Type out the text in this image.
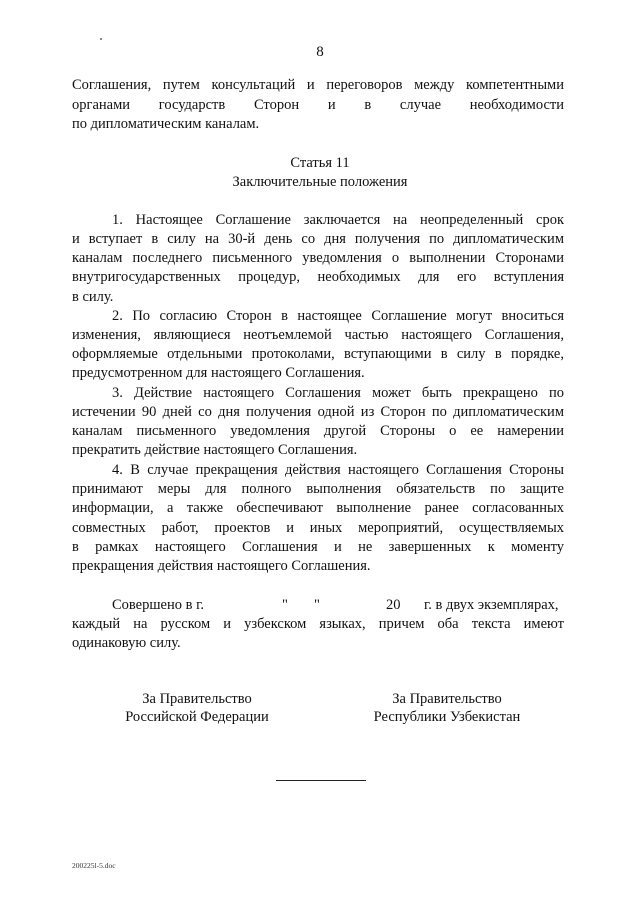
8
Соглашения, путем консультаций и переговоров между компетентными
органами государств Сторон и в случае необходимости
по дипломатическим каналам.
Статья 11
Заключительные положения
1. Настоящее Соглашение заключается на неопределенный срок
и вступает в силу на 30-й день со дня получения по дипломатическим
каналам последнего письменного уведомления о выполнении Сторонами
внутригосударственных процедур, необходимых для его вступления
в силу.
2. По согласию Сторон в настоящее Соглашение могут вноситься
изменения, являющиеся неотъемлемой частью настоящего Соглашения,
оформляемые отдельными протоколами, вступающими в силу в порядке,
предусмотренном для настоящего Соглашения.
3. Действие настоящего Соглашения может быть прекращено по
истечении 90 дней со дня получения одной из Сторон по дипломатическим
каналам письменного уведомления другой Стороны о ее намерении
прекратить действие настоящего Соглашения.
4. В случае прекращения действия настоящего Соглашения Стороны
принимают меры для полного выполнения обязательств по защите
информации, а также обеспечивают выполнение ранее согласованных
совместных работ, проектов и иных мероприятий, осуществляемых
в рамках настоящего Соглашения и не завершенных к моменту
прекращения действия настоящего Соглашения.
Совершено в г.	" "	20 г. в двух экземплярах,
каждый на русском и узбекском языках, причем оба текста имеют
одинаковую силу.
За Правительство
Российской Федерации
За Правительство
Республики Узбекистан
200225l-5.doc
